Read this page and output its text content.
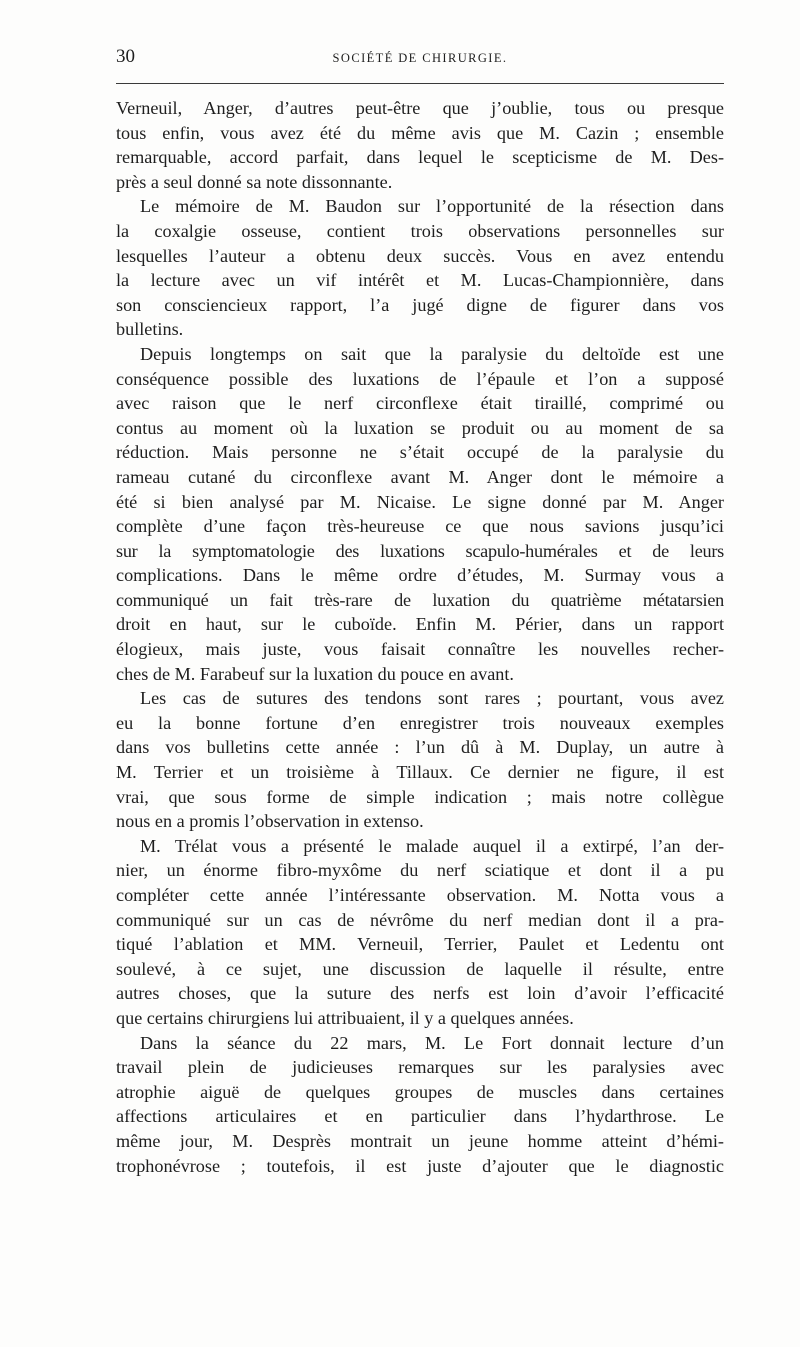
30	SOCIÉTÉ DE CHIRURGIE.
Verneuil, Anger, d’autres peut-être que j’oublie, tous ou presque
tous enfin, vous avez été du même avis que M. Cazin ; ensemble
remarquable, accord parfait, dans lequel le scepticisme de M. Des-
près a seul donné sa note dissonnante.
Le mémoire de M. Baudon sur l’opportunité de la résection dans
la coxalgie osseuse, contient trois observations personnelles sur
lesquelles l’auteur a obtenu deux succès. Vous en avez entendu
la lecture avec un vif intérêt et M. Lucas-Championnière, dans
son consciencieux rapport, l’a jugé digne de figurer dans vos
bulletins.
Depuis longtemps on sait que la paralysie du deltoïde est une
conséquence possible des luxations de l’épaule et l’on a supposé
avec raison que le nerf circonflexe était tiraillé, comprimé ou
contus au moment où la luxation se produit ou au moment de sa
réduction. Mais personne ne s’était occupé de la paralysie du
rameau cutané du circonflexe avant M. Anger dont le mémoire a
été si bien analysé par M. Nicaise. Le signe donné par M. Anger
complète d’une façon très-heureuse ce que nous savions jusqu’ici
sur la symptomatologie des luxations scapulo-humérales et de leurs
complications. Dans le même ordre d’études, M. Surmay vous a
communiqué un fait très-rare de luxation du quatrième métatarsien
droit en haut, sur le cuboïde. Enfin M. Périer, dans un rapport
élogieux, mais juste, vous faisait connaître les nouvelles recher-
ches de M. Farabeuf sur la luxation du pouce en avant.
Les cas de sutures des tendons sont rares ; pourtant, vous avez
eu la bonne fortune d’en enregistrer trois nouveaux exemples
dans vos bulletins cette année : l’un dû à M. Duplay, un autre à
M. Terrier et un troisième à Tillaux. Ce dernier ne figure, il est
vrai, que sous forme de simple indication ; mais notre collègue
nous en a promis l’observation in extenso.
M. Trélat vous a présenté le malade auquel il a extirpé, l’an der-
nier, un énorme fibro-myxôme du nerf sciatique et dont il a pu
compléter cette année l’intéressante observation. M. Notta vous a
communiqué sur un cas de névrôme du nerf median dont il a pra-
tiqué l’ablation et MM. Verneuil, Terrier, Paulet et Ledentu ont
soulevé, à ce sujet, une discussion de laquelle il résulte, entre
autres choses, que la suture des nerfs est loin d’avoir l’efficacité
que certains chirurgiens lui attribuaient, il y a quelques années.
Dans la séance du 22 mars, M. Le Fort donnait lecture d’un
travail plein de judicieuses remarques sur les paralysies avec
atrophie aiguë de quelques groupes de muscles dans certaines
affections articulaires et en particulier dans l’hydarthrose. Le
même jour, M. Desprès montrait un jeune homme atteint d’hémi-
trophonévrose ; toutefois, il est juste d’ajouter que le diagnostic
